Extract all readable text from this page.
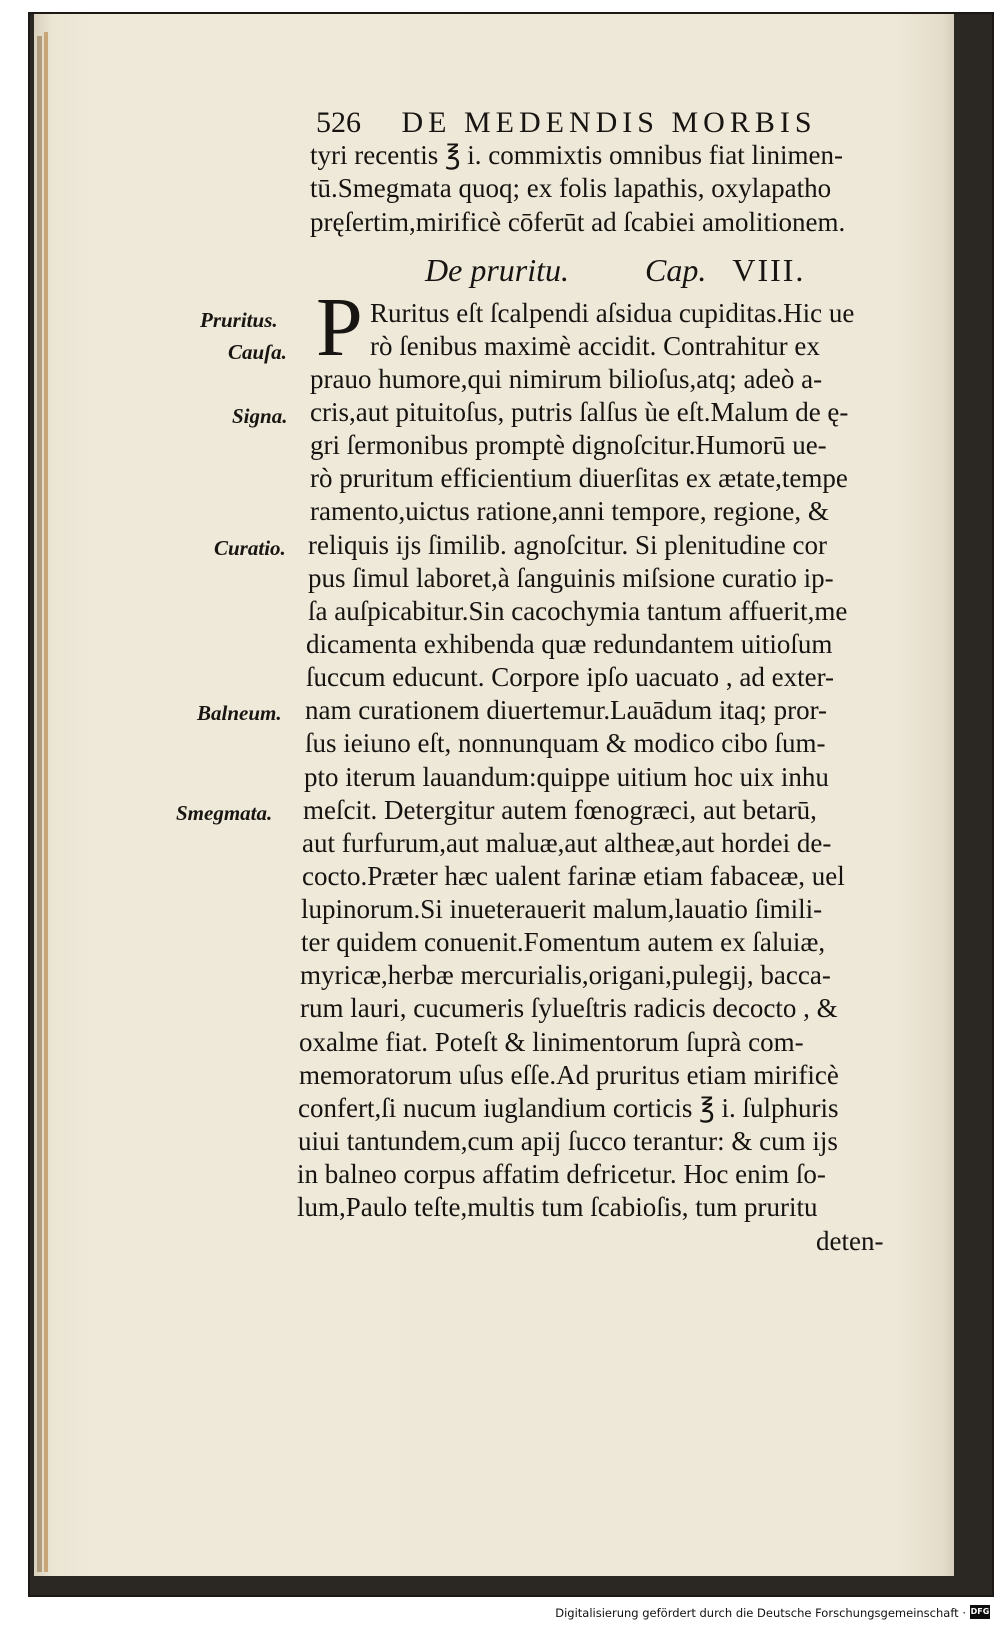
526 DE MEDENDIS MORBIS
tyri recentis ℥ i. commixtis omnibus fiat linimen-
tū.Smegmata quoq; ex folis lapathis, oxylapatho
pręſertim,mirificè cōferūt ad ſcabiei amolitionem.
De pruritu. Cap. VIII.
P Ruritus eſt ſcalpendi aſsidua cupiditas.Hic ue
rò ſenibus maximè accidit. Contrahitur ex
prauo humore,qui nimirum bilioſus,atq; adeò a-
cris,aut pituitoſus, putris ſalſus ùe eſt.Malum de ę-
gri ſermonibus promptè dignoſcitur.Humorū ue-
rò pruritum efficientium diuerſitas ex ætate,tempe
ramento,uictus ratione,anni tempore, regione, &
reliquis ijs ſimilib. agnoſcitur. Si plenitudine cor
pus ſimul laboret,à ſanguinis miſsione curatio ip-
ſa auſpicabitur.Sin cacochymia tantum affuerit,me
dicamenta exhibenda quæ redundantem uitioſum
ſuccum educunt. Corpore ipſo uacuato , ad exter-
nam curationem diuertemur.Lauādum itaq; pror-
ſus ieiuno eſt, nonnunquam & modico cibo ſum-
pto iterum lauandum:quippe uitium hoc uix inhu
meſcit. Detergitur autem fœnogræci, aut betarū,
aut furfurum,aut maluæ,aut altheæ,aut hordei de-
cocto.Præter hæc ualent farinæ etiam fabaceæ, uel
lupinorum.Si inueterauerit malum,lauatio ſimili-
ter quidem conuenit.Fomentum autem ex ſaluiæ,
myricæ,herbæ mercurialis,origani,pulegij, bacca-
rum lauri, cucumeris ſylueſtris radicis decocto , &
oxalme fiat. Poteſt & linimentorum ſuprà com-
memoratorum uſus eſſe.Ad pruritus etiam mirificè
confert,ſi nucum iuglandium corticis ℥ i. ſulphuris
uiui tantundem,cum apij ſucco terantur: & cum ijs
in balneo corpus affatim defricetur. Hoc enim ſo-
lum,Paulo teſte,multis tum ſcabioſis, tum pruritu
deten-
Pruritus.
Cauſa.
Signa.
Curatio.
Balneum.
Smegmata.
Digitalisierung gefördert durch die Deutsche Forschungsgemeinschaft · DFG
